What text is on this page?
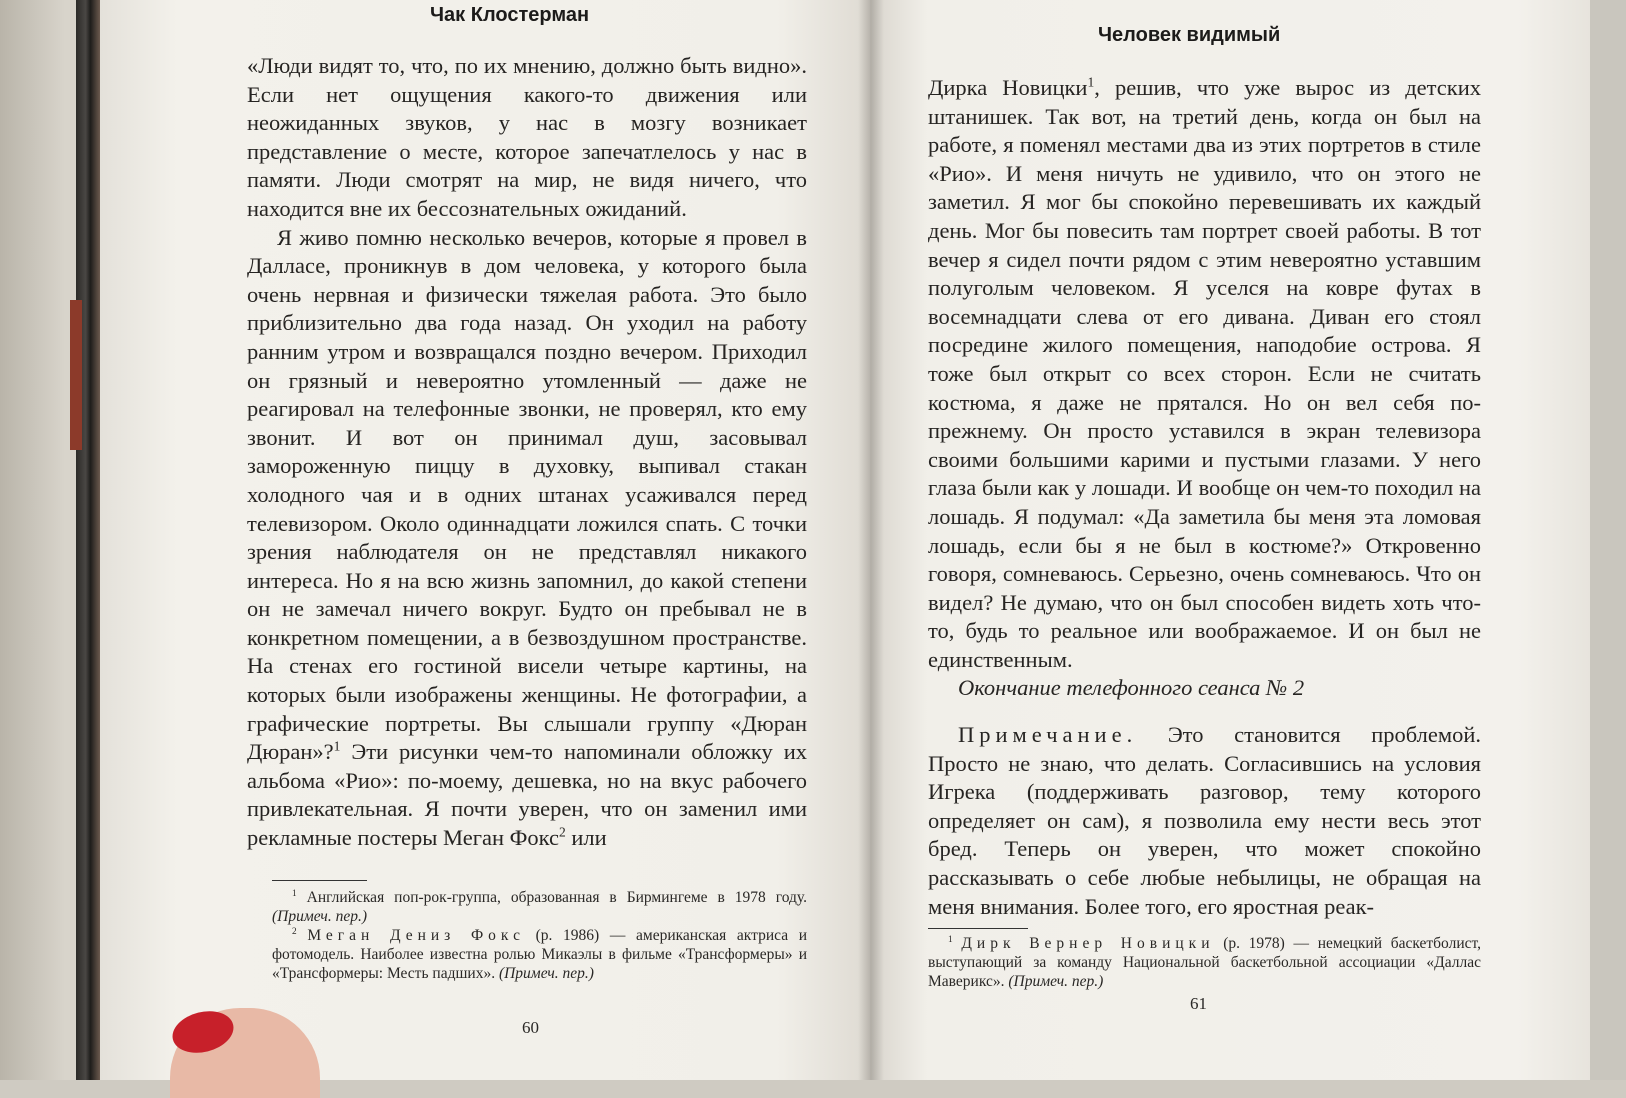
Чак Клостерман

«Люди видят то, что, по их мнению, должно быть видно». Если нет ощущения какого-то движения или неожиданных звуков, у нас в мозгу возникает представление о месте, которое запечатлелось у нас в памяти. Люди смотрят на мир, не видя ничего, что находится вне их бессознательных ожиданий.

Я живо помню несколько вечеров, которые я провел в Далласе, проникнув в дом человека, у которого была очень нервная и физически тяжелая работа. Это было приблизительно два года назад. Он уходил на работу ранним утром и возвращался поздно вечером. Приходил он грязный и невероятно утомленный — даже не реагировал на телефонные звонки, не проверял, кто ему звонит. И вот он принимал душ, засовывал замороженную пиццу в духовку, выпивал стакан холодного чая и в одних штанах усаживался перед телевизором. Около одиннадцати ложился спать. С точки зрения наблюдателя он не представлял никакого интереса. Но я на всю жизнь запомнил, до какой степени он не замечал ничего вокруг. Будто он пребывал не в конкретном помещении, а в безвоздушном пространстве. На стенах его гостиной висели четыре картины, на которых были изображены женщины. Не фотографии, а графические портреты. Вы слышали группу «Дюран Дюран»?$^1$ Эти рисунки чем-то напоминали обложку их альбома «Рио»: по-моему, дешевка, но на вкус рабочего привлекательная. Я почти уверен, что он заменил ими рекламные постеры Меган Фокс$^2$ или

$^1$ Английская поп-рок-группа, образованная в Бирмингеме в 1978 году. (Примеч. пер.)

$^2$ Меган Дениз Фокс (р. 1986) — американская актриса и фотомодель. Наиболее известна ролью Микаэлы в фильме «Трансформеры» и «Трансформеры: Месть падших». (Примеч. пер.)

60
Человек видимый

Дирка Новицки$^1$, решив, что уже вырос из детских штанишек. Так вот, на третий день, когда он был на работе, я поменял местами два из этих портретов в стиле «Рио». И меня ничуть не удивило, что он этого не заметил. Я мог бы спокойно перевешивать их каждый день. Мог бы повесить там портрет своей работы. В тот вечер я сидел почти рядом с этим невероятно уставшим полуголым человеком. Я уселся на ковре футах в восемнадцати слева от его дивана. Диван его стоял посредине жилого помещения, наподобие острова. Я тоже был открыт со всех сторон. Если не считать костюма, я даже не прятался. Но он вел себя по-прежнему. Он просто уставился в экран телевизора своими большими карими и пустыми глазами. У него глаза были как у лошади. И вообще он чем-то походил на лошадь. Я подумал: «Да заметила бы меня эта ломовая лошадь, если бы я не был в костюме?» Откровенно говоря, сомневаюсь. Серьезно, очень сомневаюсь. Что он видел? Не думаю, что он был способен видеть хоть что-то, будь то реальное или воображаемое. И он был не единственным.

Окончание телефонного сеанса № 2

Примечание. Это становится проблемой. Просто не знаю, что делать. Согласившись на условия Игрека (поддерживать разговор, тему которого определяет он сам), я позволила ему нести весь этот бред. Теперь он уверен, что может спокойно рассказывать о себе любые небылицы, не обращая на меня внимания. Более того, его яростная реак-

$^1$ Дирк Вернер Новицки (р. 1978) — немецкий баскетболист, выступающий за команду Национальной баскетбольной ассоциации «Даллас Маверикс». (Примеч. пер.)

61
